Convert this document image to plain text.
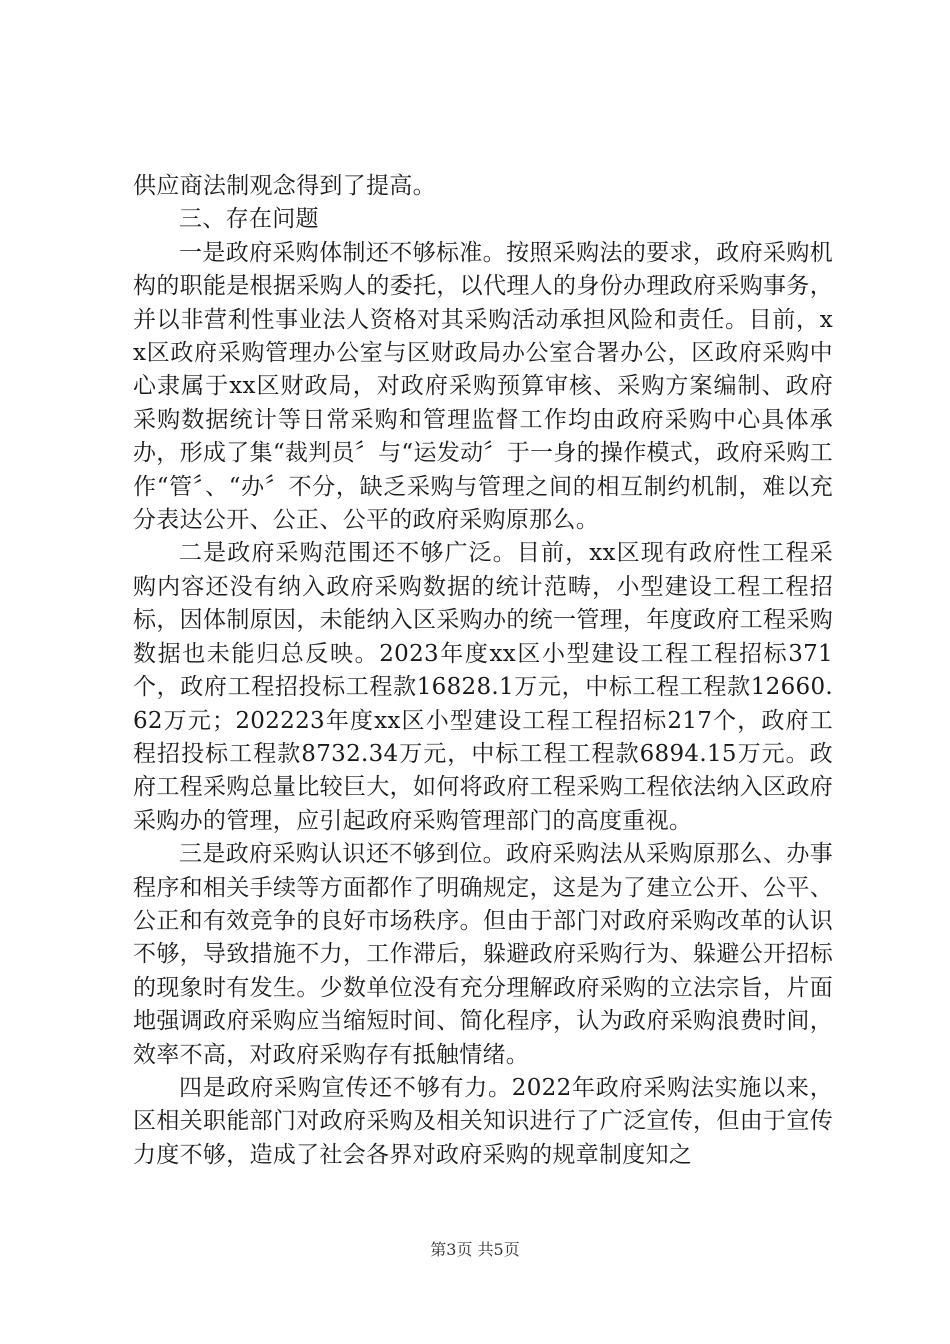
供应商法制观念得到了提高。

三、存在问题

一是政府采购体制还不够标准。按照采购法的要求，政府采购机构的职能是根据采购人的委托，以代理人的身份办理政府采购事务，并以非营利性事业法人资格对其采购活动承担风险和责任。目前，xx区政府采购管理办公室与区财政局办公室合署办公，区政府采购中心隶属于xx区财政局，对政府采购预算审核、采购方案编制、政府采购数据统计等日常采购和管理监督工作均由政府采购中心具体承办，形成了集“裁判员〞与“运发动〞于一身的操作模式，政府采购工作“管〞、“办〞不分，缺乏采购与管理之间的相互制约机制，难以充分表达公开、公正、公平的政府采购原那么。

二是政府采购范围还不够广泛。目前，xx区现有政府性工程采购内容还没有纳入政府采购数据的统计范畴，小型建设工程工程招标，因体制原因，未能纳入区采购办的统一管理，年度政府工程采购数据也未能归总反映。2023年度xx区小型建设工程工程招标371个，政府工程招投标工程款16828.1万元，中标工程工程款12660.62万元；202223年度xx区小型建设工程工程招标217个，政府工程招投标工程款8732.34万元，中标工程工程款6894.15万元。政府工程采购总量比较巨大，如何将政府工程采购工程依法纳入区政府采购办的管理，应引起政府采购管理部门的高度重视。

三是政府采购认识还不够到位。政府采购法从采购原那么、办事程序和相关手续等方面都作了明确规定，这是为了建立公开、公平、公正和有效竞争的良好市场秩序。但由于部门对政府采购改革的认识不够，导致措施不力，工作滞后，躲避政府采购行为、躲避公开招标的现象时有发生。少数单位没有充分理解政府采购的立法宗旨，片面地强调政府采购应当缩短时间、简化程序，认为政府采购浪费时间，效率不高，对政府采购存有抵触情绪。

四是政府采购宣传还不够有力。2022年政府采购法实施以来，区相关职能部门对政府采购及相关知识进行了广泛宣传，但由于宣传力度不够，造成了社会各界对政府采购的规章制度知之

第3页 共5页
